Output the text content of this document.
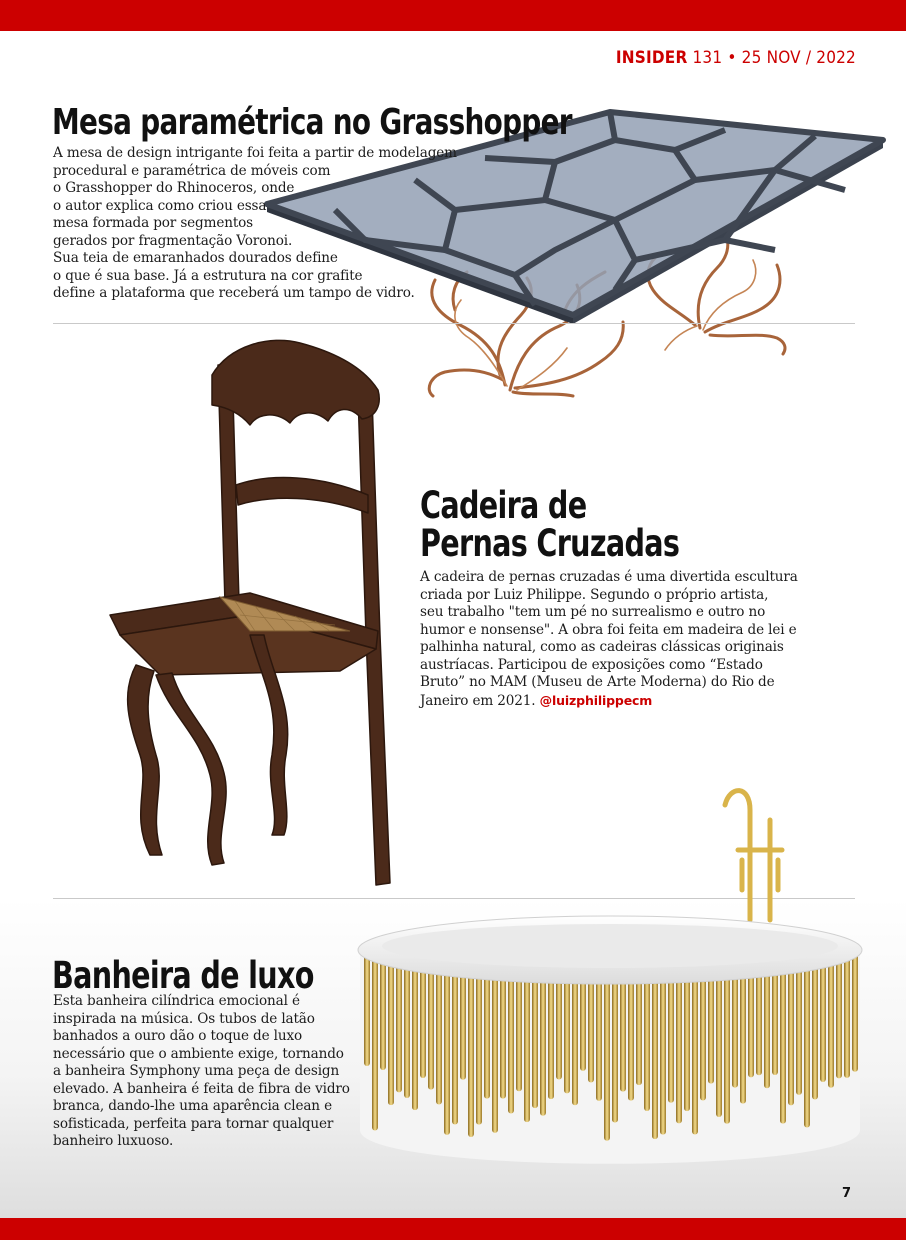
INSIDER 131 • 25 NOV / 2022
Mesa paramétrica no Grasshopper
A mesa de design intrigante foi feita a partir de modelagem
procedural e paramétrica de móveis com
o Grasshopper do Rhinoceros, onde
o autor explica como criou essa
mesa formada por segmentos
gerados por fragmentação Voronoi.
Sua teia de emaranhados dourados define
o que é sua base. Já a estrutura na cor grafite
define a plataforma que receberá um tampo de vidro.
Cadeira de
Pernas Cruzadas
A cadeira de pernas cruzadas é uma divertida escultura
criada por Luiz Philippe. Segundo o próprio artista,
seu trabalho "tem um pé no surrealismo e outro no
humor e nonsense". A obra foi feita em madeira de lei e
palhinha natural, como as cadeiras clássicas originais
austríacas. Participou de exposições como “Estado
Bruto” no MAM (Museu de Arte Moderna) do Rio de
Janeiro em 2021. @luizphilippecm
Banheira de luxo
Esta banheira cilíndrica emocional é
inspirada na música. Os tubos de latão
banhados a ouro dão o toque de luxo
necessário que o ambiente exige, tornando
a banheira Symphony uma peça de design
elevado. A banheira é feita de fibra de vidro
branca, dando-lhe uma aparência clean e
sofisticada, perfeita para tornar qualquer
banheiro luxuoso.
7
